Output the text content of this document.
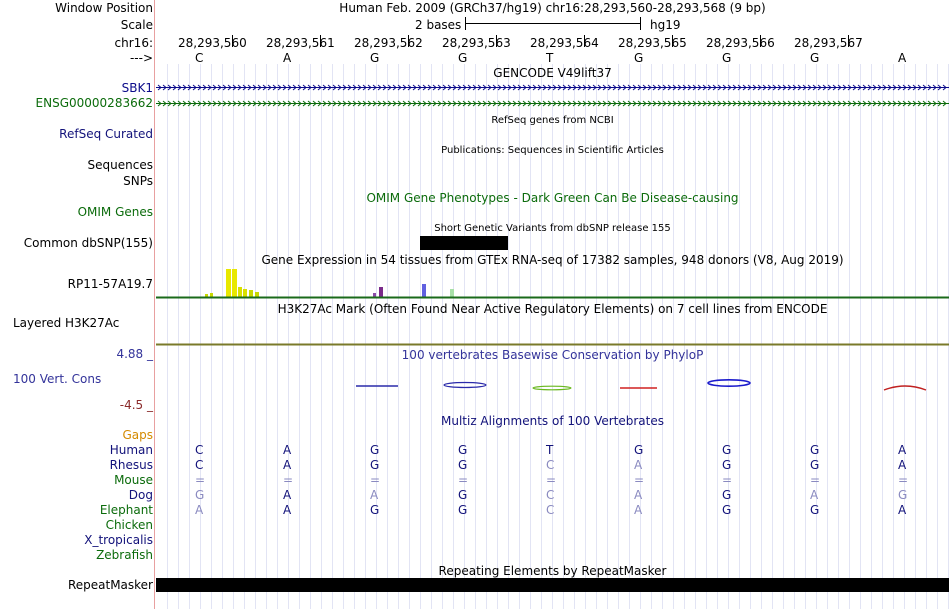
Window Position
Scale
chr16:
--->
Human Feb. 2009 (GRCh37/hg19) chr16:28,293,560-28,293,568 (9 bp)
2 bases	hg19
28,293,560 28,293,561 28,293,562 28,293,563 28,293,564 28,293,565 28,293,566 28,293,567
C	A	G	G	T	G	G	G	A
GENCODE V49lift37
SBK1
ENSG00000283662
RefSeq genes from NCBI
RefSeq Curated
Publications: Sequences in Scientific Articles
Sequences
SNPs
OMIM Gene Phenotypes - Dark Green Can Be Disease-causing
OMIM Genes
Short Genetic Variants from dbSNP release 155
Common dbSNP(155)
Gene Expression in 54 tissues from GTEx RNA-seq of 17382 samples, 948 donors (V8, Aug 2019)
RP11-57A19.7
H3K27Ac Mark (Often Found Near Active Regulatory Elements) on 7 cell lines from ENCODE
Layered H3K27Ac
100 vertebrates Basewise Conservation by PhyloP
4.88 _
100 Vert. Cons
-4.5 _
Multiz Alignments of 100 Vertebrates
Gaps
Human	C	A	G	G	T	G	G	G	A
Rhesus	C	A	G	G	C	A	G	G	A
Mouse	=	=	=	=	=	=	=	=	=
Dog	G	A	A	G	C	A	G	A	G
Elephant	A	A	G	G	C	A	G	G	A
Chicken
X_tropicalis
Zebrafish
Repeating Elements by RepeatMasker
RepeatMasker
